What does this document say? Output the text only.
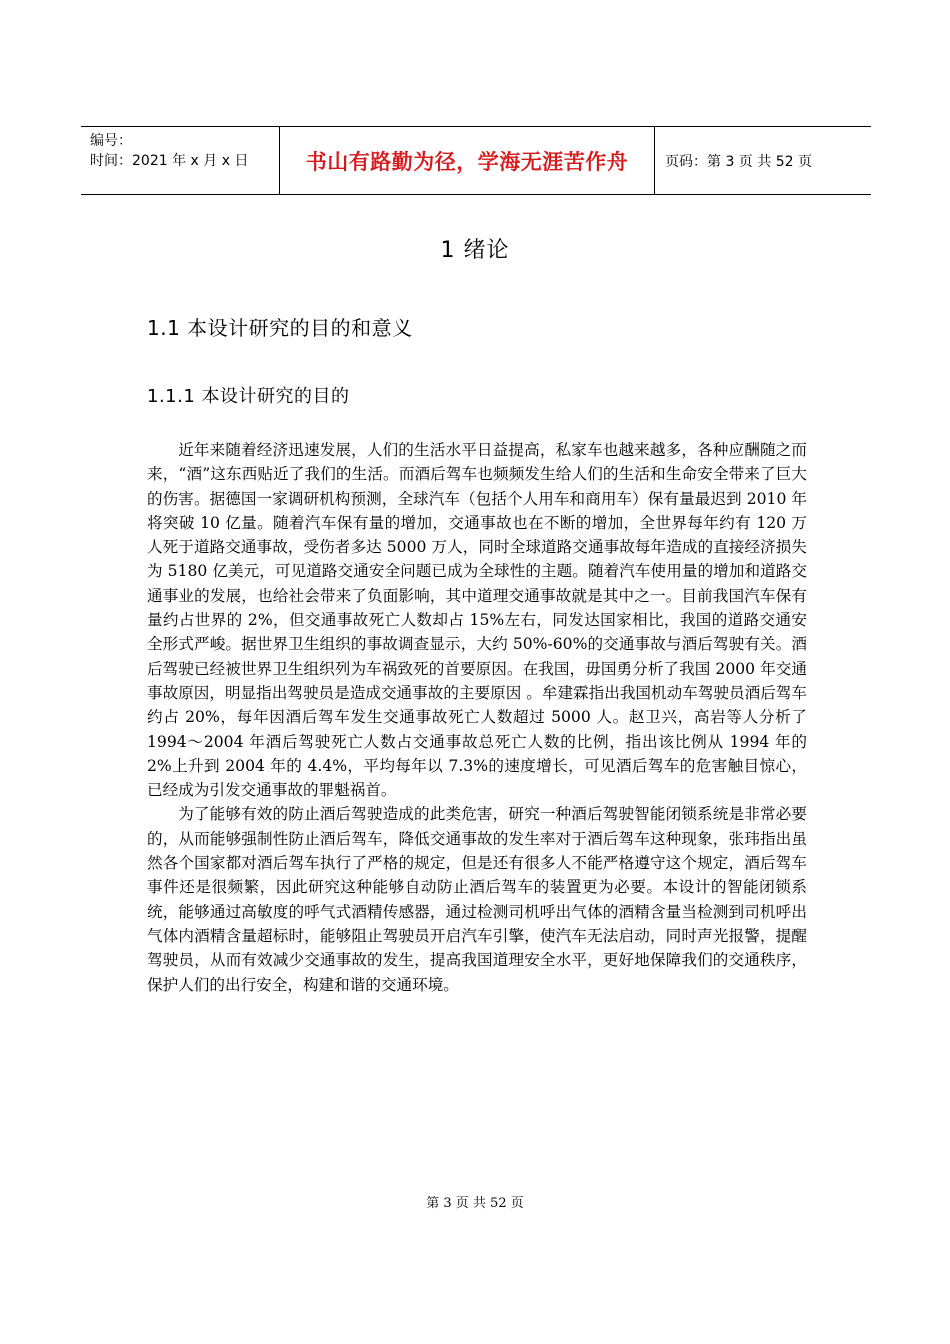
编号：
时间：2021 年 x 月 x 日	书山有路勤为径，学海无涯苦作舟	页码：第 3 页 共 52 页
1 绪论
1.1 本设计研究的目的和意义
1.1.1 本设计研究的目的

近年来随着经济迅速发展，人们的生活水平日益提高，私家车也越来越多，各种应酬随之而来，“酒”这东西贴近了我们的生活。而酒后驾车也频频发生给人们的生活和生命安全带来了巨大的伤害。据德国一家调研机构预测，全球汽车（包括个人用车和商用车）保有量最迟到 2010 年将突破 10 亿量。随着汽车保有量的增加，交通事故也在不断的增加，全世界每年约有 120 万人死于道路交通事故，受伤者多达 5000 万人，同时全球道路交通事故每年造成的直接经济损失为 5180 亿美元，可见道路交通安全问题已成为全球性的主题。随着汽车使用量的增加和道路交通事业的发展，也给社会带来了负面影响，其中道理交通事故就是其中之一。目前我国汽车保有量约占世界的 2%，但交通事故死亡人数却占 15%左右，同发达国家相比，我国的道路交通安全形式严峻。据世界卫生组织的事故调查显示，大约 50%-60%的交通事故与酒后驾驶有关。酒后驾驶已经被世界卫生组织列为车祸致死的首要原因。在我国，毋国勇分析了我国 2000 年交通事故原因，明显指出驾驶员是造成交通事故的主要原因 。牟建霖指出我国机动车驾驶员酒后驾车约占 20%，每年因酒后驾车发生交通事故死亡人数超过 5000 人。赵卫兴，高岩等人分析了 1994～2004 年酒后驾驶死亡人数占交通事故总死亡人数的比例，指出该比例从 1994 年的 2%上升到 2004 年的 4.4%，平均每年以 7.3%的速度增长，可见酒后驾车的危害触目惊心，已经成为引发交通事故的罪魁祸首。

为了能够有效的防止酒后驾驶造成的此类危害，研究一种酒后驾驶智能闭锁系统是非常必要的，从而能够强制性防止酒后驾车，降低交通事故的发生率对于酒后驾车这种现象，张玮指出虽然各个国家都对酒后驾车执行了严格的规定，但是还有很多人不能严格遵守这个规定，酒后驾车事件还是很频繁，因此研究这种能够自动防止酒后驾车的装置更为必要。本设计的智能闭锁系统，能够通过高敏度的呼气式酒精传感器，通过检测司机呼出气体的酒精含量当检测到司机呼出气体内酒精含量超标时，能够阻止驾驶员开启汽车引擎，使汽车无法启动，同时声光报警，提醒驾驶员，从而有效减少交通事故的发生，提高我国道理安全水平，更好地保障我们的交通秩序，保护人们的出行安全，构建和谐的交通环境。

第 3 页 共 52 页
